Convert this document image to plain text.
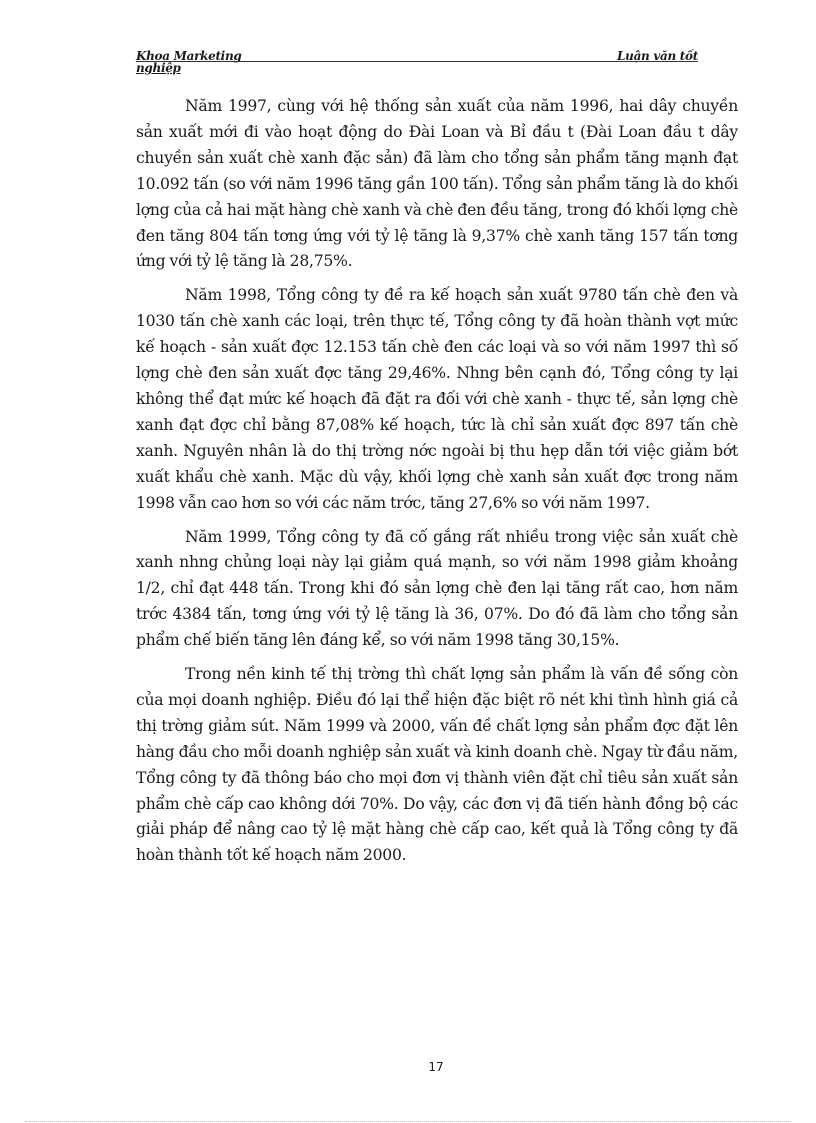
Khoa Marketing nghiệp
Luận văn tốt

Năm 1997, cùng với hệ thống sản xuất của năm 1996, hai dây chuyền sản xuất mới đi vào hoạt động do Đài Loan và Bỉ đầu t (Đài Loan đầu t dây chuyền sản xuất chè xanh đặc sản) đã làm cho tổng sản phẩm tăng mạnh đạt 10.092 tấn (so với năm 1996 tăng gần 100 tấn). Tổng sản phẩm tăng là do khối lợng của cả hai mặt hàng chè xanh và chè đen đều tăng, trong đó khối lợng chè đen tăng 804 tấn tơng ứng với tỷ lệ tăng là 9,37% chè xanh tăng 157 tấn tơng ứng với tỷ lệ tăng là 28,75%.

Năm 1998, Tổng công ty đề ra kế hoạch sản xuất 9780 tấn chè đen và 1030 tấn chè xanh các loại, trên thực tế, Tổng công ty đã hoàn thành vợt mức kế hoạch - sản xuất đợc 12.153 tấn chè đen các loại và so với năm 1997 thì số lợng chè đen sản xuất đợc tăng 29,46%. Nhng bên cạnh đó, Tổng công ty lại không thể đạt mức kế hoạch đã đặt ra đối với chè xanh - thực tế, sản lợng chè xanh đạt đợc chỉ bằng 87,08% kế hoạch, tức là chỉ sản xuất đợc 897 tấn chè xanh. Nguyên nhân là do thị trờng nớc ngoài bị thu hẹp dẫn tới việc giảm bớt xuất khẩu chè xanh. Mặc dù vậy, khối lợng chè xanh sản xuất đợc trong năm 1998 vẫn cao hơn so với các năm trớc, tăng 27,6% so với năm 1997.

Năm 1999, Tổng công ty đã cố gắng rất nhiều trong việc sản xuất chè xanh nhng chủng loại này lại giảm quá mạnh, so với năm 1998 giảm khoảng 1/2, chỉ đạt 448 tấn. Trong khi đó sản lợng chè đen lại tăng rất cao, hơn năm trớc 4384 tấn, tơng ứng với tỷ lệ tăng là 36, 07%. Do đó đã làm cho tổng sản phẩm chế biến tăng lên đáng kể, so với năm 1998 tăng 30,15%.

Trong nền kinh tế thị trờng thì chất lợng sản phẩm là vấn đề sống còn của mọi doanh nghiệp. Điều đó lại thể hiện đặc biệt rõ nét khi tình hình giá cả thị trờng giảm sút. Năm 1999 và 2000, vấn đề chất lợng sản phẩm đợc đặt lên hàng đầu cho mỗi doanh nghiệp sản xuất và kinh doanh chè. Ngay từ đầu năm, Tổng công ty đã thông báo cho mọi đơn vị thành viên đặt chỉ tiêu sản xuất sản phẩm chè cấp cao không dới 70%. Do vậy, các đơn vị đã tiến hành đồng bộ các giải pháp để nâng cao tỷ lệ mặt hàng chè cấp cao, kết quả là Tổng công ty đã hoàn thành tốt kế hoạch năm 2000.

17
